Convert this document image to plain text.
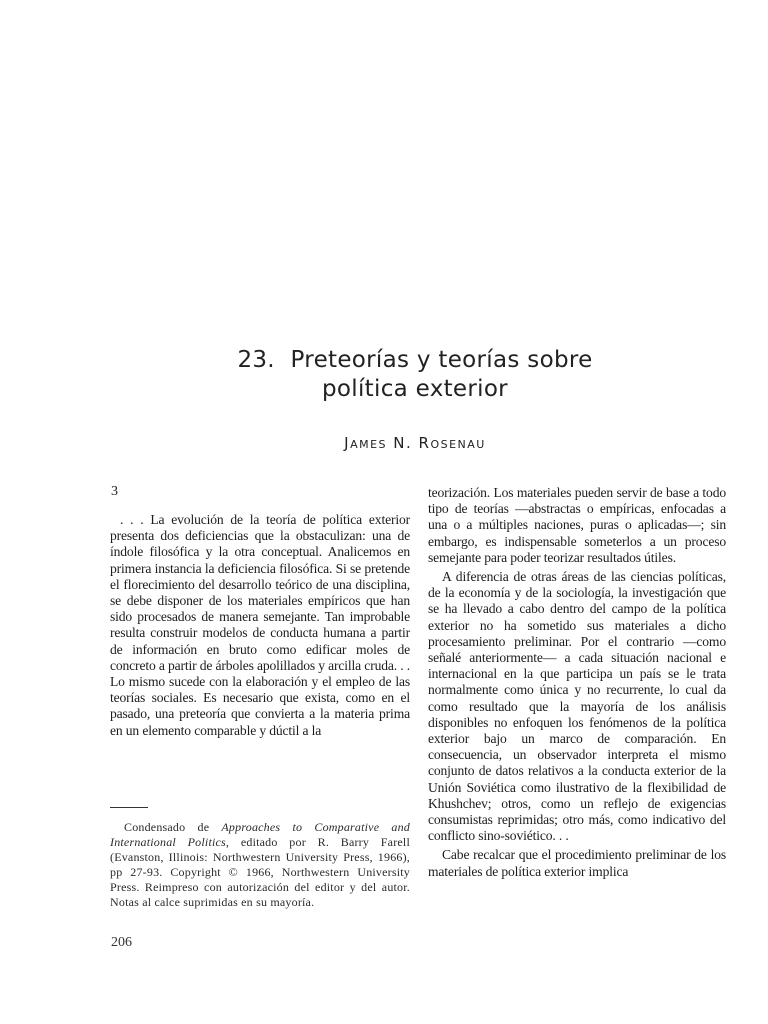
23. Preteorías y teorías sobre
política exterior
James N. Rosenau
3

. . . La evolución de la teoría de política exterior presenta dos deficiencias que la obstaculizan: una de índole filosófica y la otra conceptual. Analicemos en primera instancia la deficiencia filosófica. Si se pretende el florecimiento del desarrollo teórico de una disciplina, se debe disponer de los materiales empíricos que han sido procesados de manera semejante. Tan improbable resulta construir modelos de conducta humana a partir de información en bruto como edificar moles de concreto a partir de árboles apolillados y arcilla cruda. . . Lo mismo sucede con la elaboración y el empleo de las teorías sociales. Es necesario que exista, como en el pasado, una preteoría que convierta a la materia prima en un elemento comparable y dúctil a la

teorización. Los materiales pueden servir de base a todo tipo de teorías —abstractas o empíricas, enfocadas a una o a múltiples naciones, puras o aplicadas—; sin embargo, es indispensable someterlos a un proceso semejante para poder teorizar resultados útiles.

A diferencia de otras áreas de las ciencias políticas, de la economía y de la sociología, la investigación que se ha llevado a cabo dentro del campo de la política exterior no ha sometido sus materiales a dicho procesamiento preliminar. Por el contrario —como señalé anteriormente— a cada situación nacional e internacional en la que participa un país se le trata normalmente como única y no recurrente, lo cual da como resultado que la mayoría de los análisis disponibles no enfoquen los fenómenos de la política exterior bajo un marco de comparación. En consecuencia, un observador interpreta el mismo conjunto de datos relativos a la conducta exterior de la Unión Soviética como ilustrativo de la flexibilidad de Khushchev; otros, como un reflejo de exigencias consumistas reprimidas; otro más, como indicativo del conflicto sino-soviético. . .

Cabe recalcar que el procedimiento preliminar de los materiales de política exterior implica

Condensado de Approaches to Comparative and International Politics, editado por R. Barry Farell (Evanston, Illinois: Northwestern University Press, 1966), pp 27-93. Copyright © 1966, Northwestern University Press. Reimpreso con autorización del editor y del autor. Notas al calce suprimidas en su mayoría.
206
